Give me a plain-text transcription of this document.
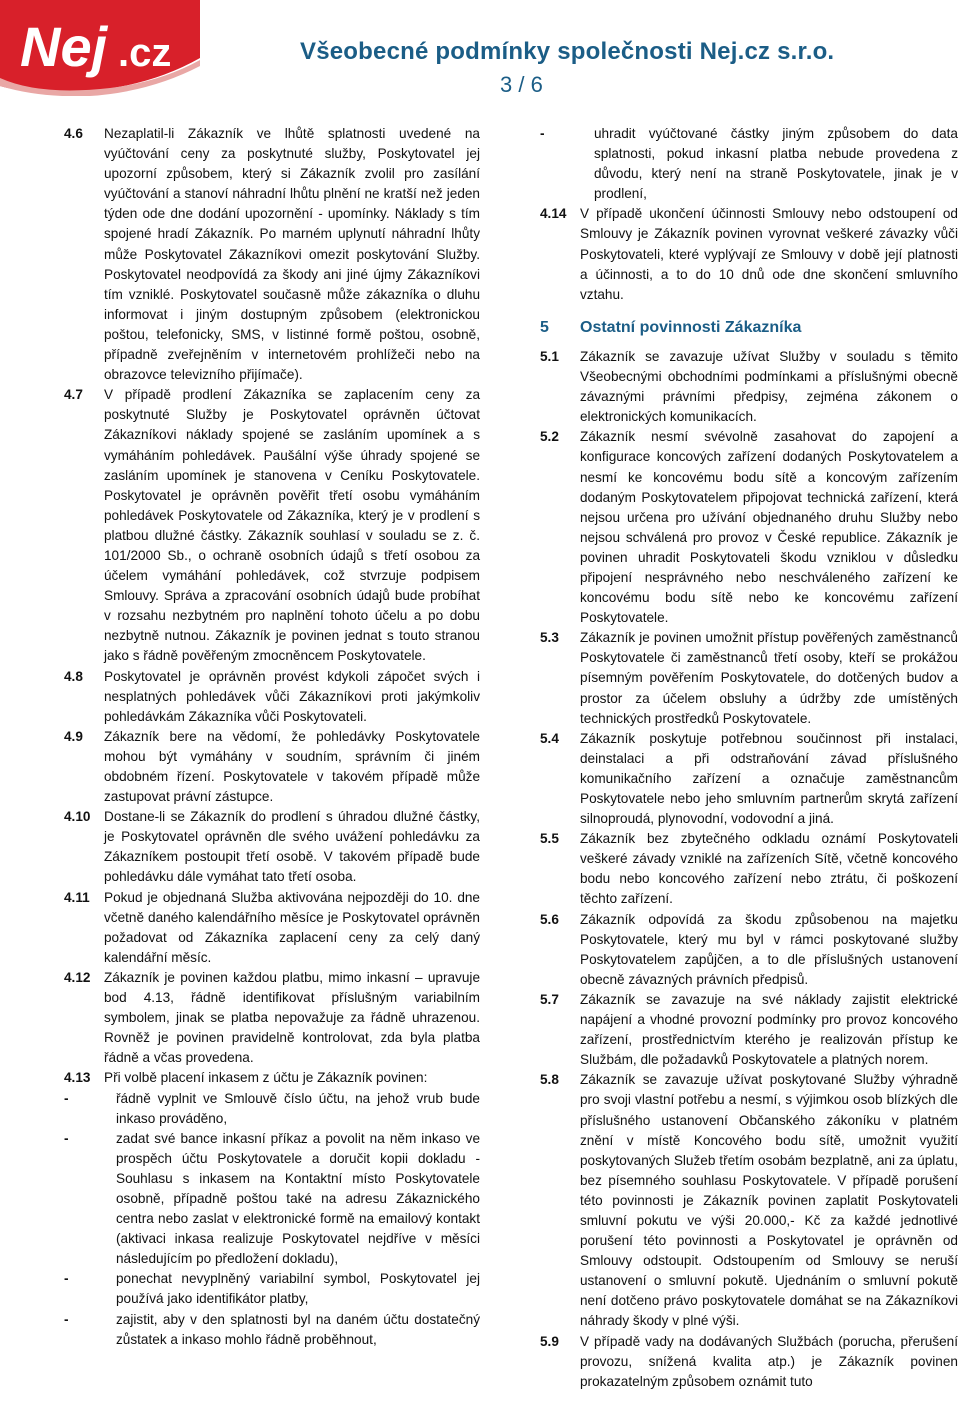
Nej .cz	Všeobecné podmínky společnosti Nej.cz s.r.o.
3 / 6
4.6	Nezaplatil-li Zákazník ve lhůtě splatnosti uvedené na vyúčtování ceny za poskytnuté služby, Poskytovatel jej upozorní způsobem, který si Zákazník zvolil pro zasílání vyúčtování a stanoví náhradní lhůtu plnění ne kratší než jeden týden ode dne dodání upozornění - upomínky. Náklady s tím spojené hradí Zákazník. Po marném uplynutí náhradní lhůty může Poskytovatel Zákazníkovi omezit poskytování Služby. Poskytovatel neodpovídá za škody ani jiné újmy Zákazníkovi tím vzniklé. Poskytovatel současně může zákazníka o dluhu informovat i jiným dostupným způsobem (elektronickou poštou, telefonicky, SMS, v listinné formě poštou, osobně, případně zveřejněním v internetovém prohlížeči nebo na obrazovce televizního přijímače).
4.7	V případě prodlení Zákazníka se zaplacením ceny za poskytnuté Služby je Poskytovatel oprávněn účtovat Zákazníkovi náklady spojené se zasláním upomínek a s vymáháním pohledávek. Paušální výše úhrady spojené se zasláním upomínek je stanovena v Ceníku Poskytovatele. Poskytovatel je oprávněn pověřit třetí osobu vymáháním pohledávek Poskytovatele od Zákazníka, který je v prodlení s platbou dlužné částky. Zákazník souhlasí v souladu se z. č. 101/2000 Sb., o ochraně osobních údajů s třetí osobou za účelem vymáhání pohledávek, což stvrzuje podpisem Smlouvy. Správa a zpracování osobních údajů bude probíhat v rozsahu nezbytném pro naplnění tohoto účelu a po dobu nezbytně nutnou. Zákazník je povinen jednat s touto stranou jako s řádně pověřeným zmocněncem Poskytovatele.
4.8	Poskytovatel je oprávněn provést kdykoli zápočet svých i nesplatných pohledávek vůči Zákazníkovi proti jakýmkoliv pohledávkám Zákazníka vůči Poskytovateli.
4.9	Zákazník bere na vědomí, že pohledávky Poskytovatele mohou být vymáhány v soudním, správním či jiném obdobném řízení. Poskytovatele v takovém případě může zastupovat právní zástupce.
4.10 Dostane-li se Zákazník do prodlení s úhradou dlužné částky, je Poskytovatel oprávněn dle svého uvážení pohledávku za Zákazníkem postoupit třetí osobě. V takovém případě bude pohledávku dále vymáhat tato třetí osoba.
4.11	Pokud je objednaná Služba aktivována nejpozději do 10. dne včetně daného kalendářního měsíce je Poskytovatel oprávněn požadovat od Zákazníka zaplacení ceny za celý daný kalendářní měsíc.
4.12 Zákazník je povinen každou platbu, mimo inkasní – upravuje bod 4.13, řádně identifikovat příslušným variabilním symbolem, jinak se platba nepovažuje za řádně uhrazenou. Rovněž je povinen pravidelně kontrolovat, zda byla platba řádně a včas provedena.
4.13 Při volbě placení inkasem z účtu je Zákazník povinen:
-	řádně vyplnit ve Smlouvě číslo účtu, na jehož vrub bude inkaso prováděno,
-	zadat své bance inkasní příkaz a povolit na něm inkaso ve prospěch účtu Poskytovatele a doručit kopii dokladu - Souhlasu s inkasem na Kontaktní místo Poskytovatele osobně, případně poštou také na adresu Zákaznického centra nebo zaslat v elektronické formě na emailový kontakt (aktivaci inkasa realizuje Poskytovatel nejdříve v měsíci následujícím po předložení dokladu),
-	ponechat nevyplněný variabilní symbol, Poskytovatel jej používá jako identifikátor platby,
-	zajistit, aby v den splatnosti byl na daném účtu dostatečný zůstatek a inkaso mohlo řádně proběhnout,
-	uhradit vyúčtované částky jiným způsobem do data splatnosti, pokud inkasní platba nebude provedena z důvodu, který není na straně Poskytovatele, jinak je v prodlení,
4.14 V případě ukončení účinnosti Smlouvy nebo odstoupení od Smlouvy je Zákazník povinen vyrovnat veškeré závazky vůči Poskytovateli, které vyplývají ze Smlouvy v době její platnosti a účinnosti, a to do 10 dnů ode dne skončení smluvního vztahu.
5	Ostatní povinnosti Zákazníka
5.1	Zákazník se zavazuje užívat Služby v souladu s těmito Všeobecnými obchodními podmínkami a příslušnými obecně závaznými právními předpisy, zejména zákonem o elektronických komunikacích.
5.2	Zákazník nesmí svévolně zasahovat do zapojení a konfigurace koncových zařízení dodaných Poskytovatelem a nesmí ke koncovému bodu sítě a koncovým zařízením dodaným Poskytovatelem připojovat technická zařízení, která nejsou určena pro užívání objednaného druhu Služby nebo nejsou schválená pro provoz v České republice. Zákazník je povinen uhradit Poskytovateli škodu vzniklou v důsledku připojení nesprávného nebo neschváleného zařízení ke koncovému bodu sítě nebo ke koncovému zařízení Poskytovatele.
5.3	Zákazník je povinen umožnit přístup pověřených zaměstnanců Poskytovatele či zaměstnanců třetí osoby, kteří se prokážou písemným pověřením Poskytovatele, do dotčených budov a prostor za účelem obsluhy a údržby zde umístěných technických prostředků Poskytovatele.
5.4	Zákazník poskytuje potřebnou součinnost při instalaci, deinstalaci a při odstraňování závad příslušného komunikačního zařízení a označuje zaměstnancům Poskytovatele nebo jeho smluvním partnerům skrytá zařízení silnoproudá, plynovodní, vodovodní a jiná.
5.5	Zákazník bez zbytečného odkladu oznámí Poskytovateli veškeré závady vzniklé na zařízeních Sítě, včetně koncového bodu nebo koncového zařízení nebo ztrátu, či poškození těchto zařízení.
5.6	Zákazník odpovídá za škodu způsobenou na majetku Poskytovatele, který mu byl v rámci poskytované služby Poskytovatelem zapůjčen, a to dle příslušných ustanovení obecně závazných právních předpisů.
5.7	Zákazník se zavazuje na své náklady zajistit elektrické napájení a vhodné provozní podmínky pro provoz koncového zařízení, prostřednictvím kterého je realizován přístup ke Službám, dle požadavků Poskytovatele a platných norem.
5.8	Zákazník se zavazuje užívat poskytované Služby výhradně pro svoji vlastní potřebu a nesmí, s výjimkou osob blízkých dle příslušného ustanovení Občanského zákoníku v platném znění v místě Koncového bodu sítě, umožnit využití poskytovaných Služeb třetím osobám bezplatně, ani za úplatu, bez písemného souhlasu Poskytovatele. V případě porušení této povinnosti je Zákazník povinen zaplatit Poskytovateli smluvní pokutu ve výši 20.000,- Kč za každé jednotlivé porušení této povinnosti a Poskytovatel je oprávněn od Smlouvy odstoupit. Odstoupením od Smlouvy se neruší ustanovení o smluvní pokutě. Ujednáním o smluvní pokutě není dotčeno právo poskytovatele domáhat se na Zákazníkovi náhrady škody v plné výši.
5.9	V případě vady na dodávaných Službách (porucha, přerušení provozu, snížená kvalita atp.) je Zákazník povinen prokazatelným způsobem oznámit tuto
